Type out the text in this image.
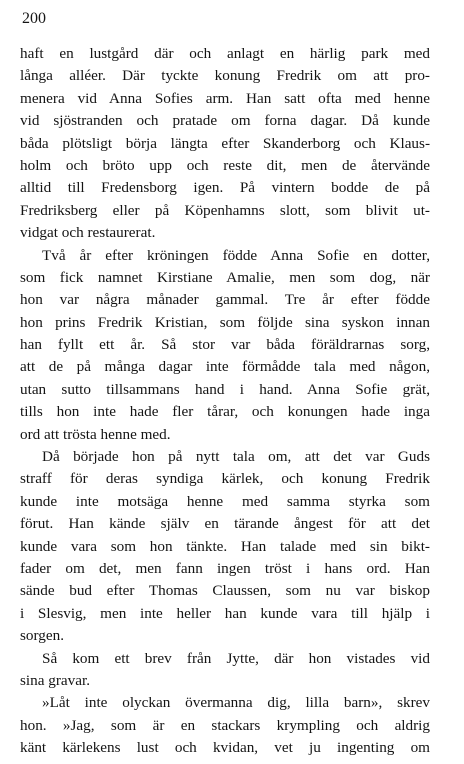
200

haft en lustgård där och anlagt en härlig park med
långa alléer. Där tyckte konung Fredrik om att pro-
menera vid Anna Sofies arm. Han satt ofta med henne
vid sjöstranden och pratade om forna dagar. Då kunde
båda plötsligt börja längta efter Skanderborg och Klaus-
holm och bröto upp och reste dit, men de återvände
alltid till Fredensborg igen. På vintern bodde de på
Fredriksberg eller på Köpenhamns slott, som blivit ut-
vidgat och restaurerat.

Två år efter kröningen födde Anna Sofie en dotter,
som fick namnet Kirstiane Amalie, men som dog, när
hon var några månader gammal. Tre år efter födde
hon prins Fredrik Kristian, som följde sina syskon innan
han fyllt ett år. Så stor var båda föräldrarnas sorg,
att de på många dagar inte förmådde tala med någon,
utan sutto tillsammans hand i hand. Anna Sofie grät,
tills hon inte hade fler tårar, och konungen hade inga
ord att trösta henne med.

Då började hon på nytt tala om, att det var Guds
straff för deras syndiga kärlek, och konung Fredrik
kunde inte motsäga henne med samma styrka som
förut. Han kände själv en tärande ångest för att det
kunde vara som hon tänkte. Han talade med sin bikt-
fader om det, men fann ingen tröst i hans ord. Han
sände bud efter Thomas Claussen, som nu var biskop
i Slesvig, men inte heller han kunde vara till hjälp i
sorgen.

Så kom ett brev från Jytte, där hon vistades vid
sina gravar.

»Låt inte olyckan övermanna dig, lilla barn», skrev
hon. »Jag, som är en stackars krympling och aldrig
känt kärlekens lust och kvidan, vet ju ingenting om
